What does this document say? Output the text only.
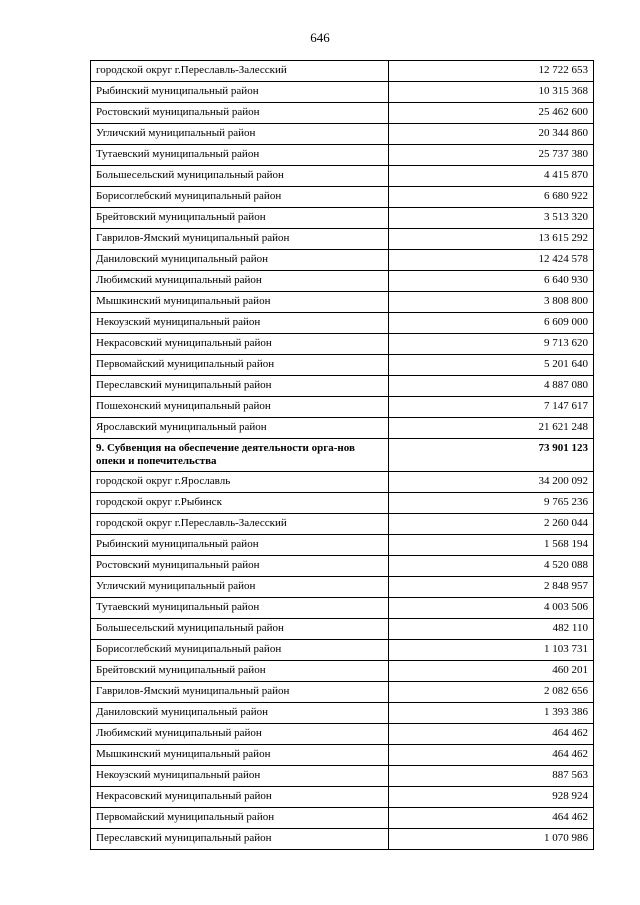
646
городской округ г.Переславль-Залесский	12 722 653
Рыбинский муниципальный район	10 315 368
Ростовский муниципальный район	25 462 600
Угличский муниципальный район	20 344 860
Тутаевский муниципальный район	25 737 380
Большесельский муниципальный район	4 415 870
Борисоглебский муниципальный район	6 680 922
Брейтовский муниципальный район	3 513 320
Гаврилов-Ямский муниципальный район	13 615 292
Даниловский муниципальный район	12 424 578
Любимский муниципальный район	6 640 930
Мышкинский муниципальный район	3 808 800
Некоузский муниципальный район	6 609 000
Некрасовский муниципальный район	9 713 620
Первомайский муниципальный район	5 201 640
Переславский муниципальный район	4 887 080
Пошехонский муниципальный район	7 147 617
Ярославский муниципальный район	21 621 248
9. Субвенция на обеспечение деятельности орга-нов опеки и попечительства	73 901 123
городской округ г.Ярославль	34 200 092
городской округ г.Рыбинск	9 765 236
городской округ г.Переславль-Залесский	2 260 044
Рыбинский муниципальный район	1 568 194
Ростовский муниципальный район	4 520 088
Угличский муниципальный район	2 848 957
Тутаевский муниципальный район	4 003 506
Большесельский муниципальный район	482 110
Борисоглебский муниципальный район	1 103 731
Брейтовский муниципальный район	460 201
Гаврилов-Ямский муниципальный район	2 082 656
Даниловский муниципальный район	1 393 386
Любимский муниципальный район	464 462
Мышкинский муниципальный район	464 462
Некоузский муниципальный район	887 563
Некрасовский муниципальный район	928 924
Первомайский муниципальный район	464 462
Переславский муниципальный район	1 070 986
